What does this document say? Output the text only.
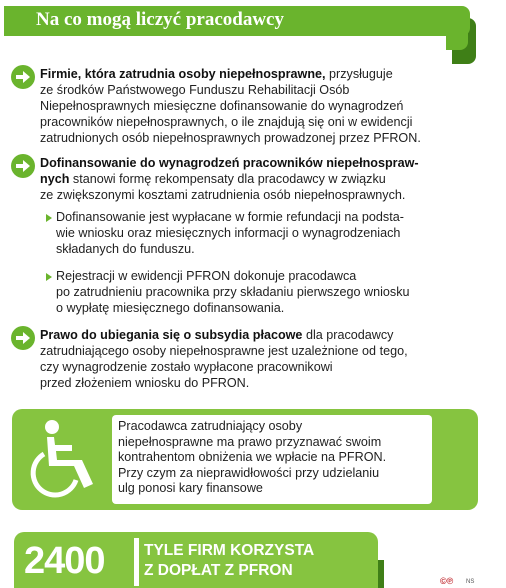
Na co mogą liczyć pracodawcy
Firmie, która zatrudnia osoby niepełnosprawne, przysługuje
ze środków Państwowego Funduszu Rehabilitacji Osób
Niepełnosprawnych miesięczne dofinansowanie do wynagrodzeń
pracowników niepełnosprawnych, o ile znajdują się oni w ewidencji
zatrudnionych osób niepełnosprawnych prowadzonej przez PFRON.
Dofinansowanie do wynagrodzeń pracowników niepełnospraw-
nych stanowi formę rekompensaty dla pracodawcy w związku
ze zwiększonymi kosztami zatrudnienia osób niepełnosprawnych.
Dofinansowanie jest wypłacane w formie refundacji na podsta-
wie wniosku oraz miesięcznych informacji o wynagrodzeniach
składanych do funduszu.
Rejestracji w ewidencji PFRON dokonuje pracodawca
po zatrudnieniu pracownika przy składaniu pierwszego wniosku
o wypłatę miesięcznego dofinansowania.
Prawo do ubiegania się o subsydia płacowe dla pracodawcy
zatrudniającego osoby niepełnosprawne jest uzależnione od tego,
czy wynagrodzenie zostało wypłacone pracownikowi
przed złożeniem wniosku do PFRON.
Pracodawca zatrudniający osoby
niepełnosprawne ma prawo przyznawać swoim
kontrahentom obniżenia we wpłacie na PFRON.
Przy czym za nieprawidłowości przy udzielaniu
ulg ponosi kary finansowe
2400	TYLE FIRM KORZYSTA
Z DOPŁAT Z PFRON
©℗ NS
